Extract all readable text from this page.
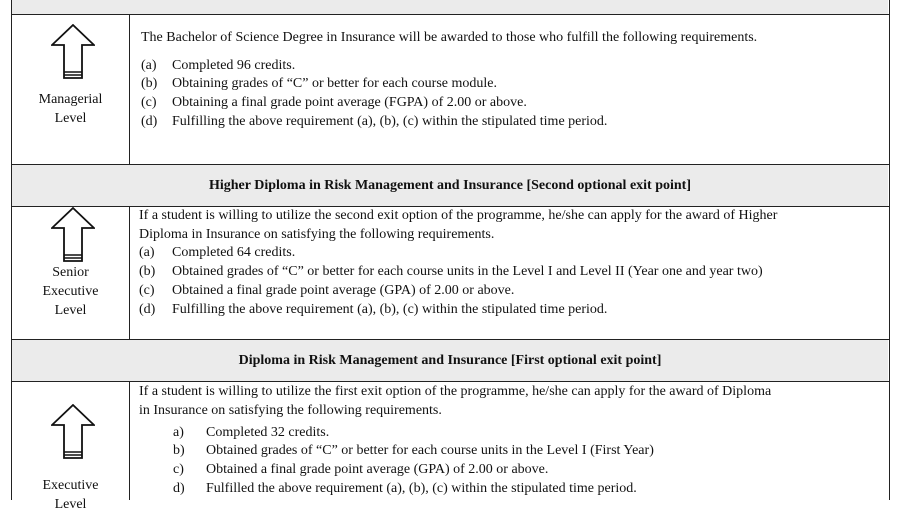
Higher Diploma in Risk Management and Insurance [Second optional exit point]
Diploma in Risk Management and Insurance [First optional exit point]
Managerial
Level
The Bachelor of Science Degree in Insurance will be awarded to those who fulfill the following requirements.
(a) Completed 96 credits.
(b) Obtaining grades of “C” or better for each course module.
(c) Obtaining a final grade point average (FGPA) of 2.00 or above.
(d) Fulfilling the above requirement (a), (b), (c) within the stipulated time period.
Senior
Executive
Level
If a student is willing to utilize the second exit option of the programme, he/she can apply for the award of Higher
Diploma in Insurance on satisfying the following requirements.
(a) Completed 64 credits.
(b) Obtained grades of “C” or better for each course units in the Level I and Level II (Year one and year two)
(c) Obtained a final grade point average (GPA) of 2.00 or above.
(d) Fulfilling the above requirement (a), (b), (c) within the stipulated time period.
Executive
Level
If a student is willing to utilize the first exit option of the programme, he/she can apply for the award of Diploma
in Insurance on satisfying the following requirements.
a) Completed 32 credits.
b) Obtained grades of “C” or better for each course units in the Level I (First Year)
c) Obtained a final grade point average (GPA) of 2.00 or above.
d) Fulfilled the above requirement (a), (b), (c) within the stipulated time period.
